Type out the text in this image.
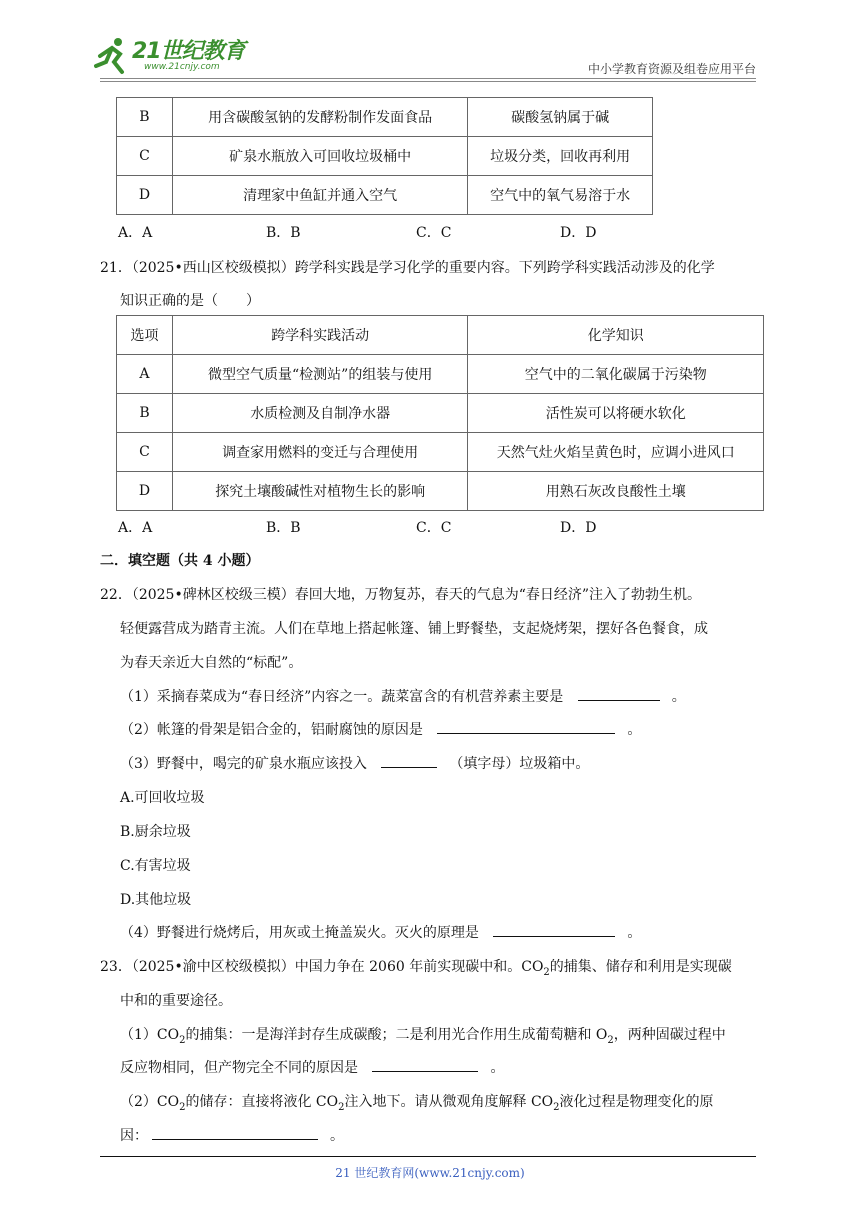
21世纪教育
www.21cnjy.com	中小学教育资源及组卷应用平台
B	用含碳酸氢钠的发酵粉制作发面食品	碳酸氢钠属于碱
C	矿泉水瓶放入可回收垃圾桶中	垃圾分类，回收再利用
D	清理家中鱼缸并通入空气	空气中的氧气易溶于水
A．A	B．B	C．C	D．D
21．（2025•西山区校级模拟）跨学科实践是学习化学的重要内容。下列跨学科实践活动涉及的化学
知识正确的是（　　）
选项	跨学科实践活动	化学知识
A	微型空气质量“检测站”的组装与使用	空气中的二氧化碳属于污染物
B	水质检测及自制净水器	活性炭可以将硬水软化
C	调查家用燃料的变迁与合理使用	天然气灶火焰呈黄色时，应调小进风口
D	探究土壤酸碱性对植物生长的影响	用熟石灰改良酸性土壤
A．A	B．B	C．C	D．D
二．填空题（共 4 小题）
22．（2025•碑林区校级三模）春回大地，万物复苏，春天的气息为“春日经济”注入了勃勃生机。
轻便露营成为踏青主流。人们在草地上搭起帐篷、铺上野餐垫，支起烧烤架，摆好各色餐食，成
为春天亲近大自然的“标配”。
（1）采摘春菜成为“春日经济”内容之一。蔬菜富含的有机营养素主要是	。
（2）帐篷的骨架是铝合金的，铝耐腐蚀的原因是	。
（3）野餐中，喝完的矿泉水瓶应该投入	（填字母）垃圾箱中。
A.可回收垃圾
B.厨余垃圾
C.有害垃圾
D.其他垃圾
（4）野餐进行烧烤后，用灰或土掩盖炭火。灭火的原理是	。
23．（2025•渝中区校级模拟）中国力争在 2060 年前实现碳中和。$CO_2$的捕集、储存和利用是实现碳
中和的重要途径。
$(1)CO_2$的捕集：一是海洋封存生成碳酸；二是利用光合作用生成葡萄糖和 $O_2$，两种固碳过程中
反应物相同，但产物完全不同的原因是	。
$(2)CO_2$的储存：直接将液化 $CO_2$注入地下。请从微观角度解释 $CO_2$液化过程是物理变化的原
因：	。
21 世纪教育网(www.21cnjy.com)
